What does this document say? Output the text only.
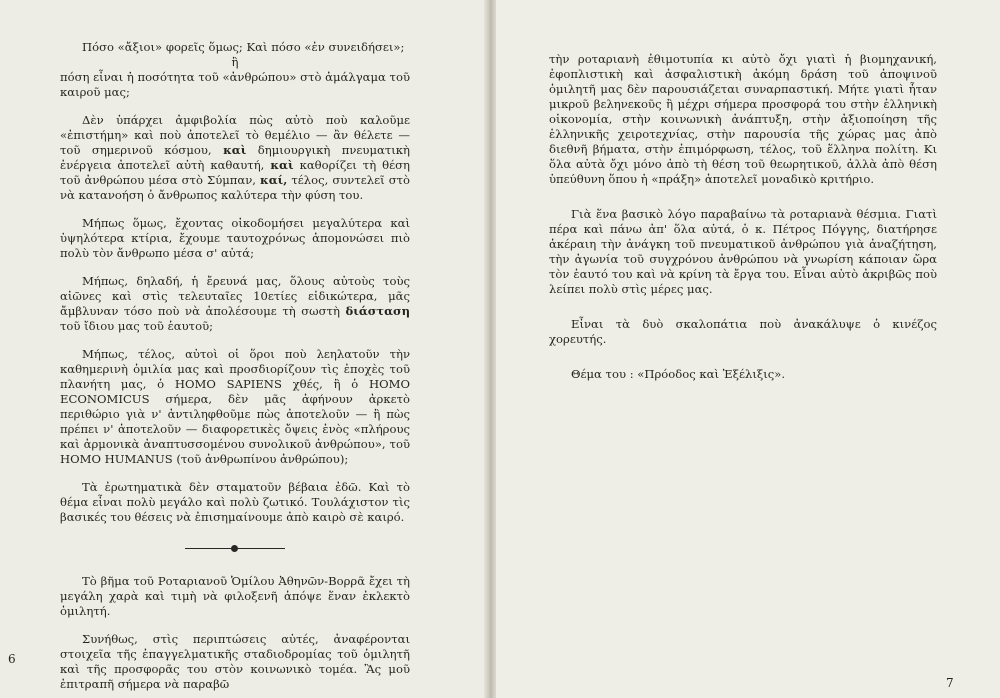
Πόσο «ἄξιοι» φορεῖς ὅμως; Καὶ πόσο «ἐν συνειδήσει»;

ἢ

πόση εἶναι ἡ ποσότητα τοῦ «ἀνθρώπου» στὸ ἀμάλγαμα τοῦ καιροῦ μας;

Δὲν ὑπάρχει ἀμφιβολία πὼς αὐτὸ ποὺ καλοῦμε «ἐπιστήμη» καὶ ποὺ ἀποτελεῖ τὸ θεμέλιο — ἂν θέλετε — τοῦ σημερινοῦ κόσμου, καὶ δημιουργικὴ πνευματικὴ ἐνέργεια ἀποτελεῖ αὐτὴ καθαυτή, καὶ καθορίζει τὴ θέση τοῦ ἀνθρώπου μέσα στὸ Σύμπαν, καί, τέλος, συντελεῖ στὸ νὰ κατανοήση ὁ ἄνθρωπος καλύτερα τὴν φύση του.

Μήπως ὅμως, ἔχοντας οἰκοδομήσει μεγαλύτερα καὶ ὑψηλότερα κτίρια, ἔχουμε ταυτοχρόνως ἀπομονώσει πιὸ πολὺ τὸν ἄνθρωπο μέσα σ' αὐτά;

Μήπως, δηλαδή, ἡ ἔρευνά μας, ὅλους αὐτοὺς τοὺς αἰῶνες καὶ στὶς τελευταῖες 10ετίες εἰδικώτερα, μᾶς ἄμβλυναν τόσο ποὺ νὰ ἀπολέσουμε τὴ σωστὴ διάσταση τοῦ ἴδιου μας τοῦ ἑαυτοῦ;

Μήπως, τέλος, αὐτοὶ οἱ ὅροι ποὺ λεηλατοῦν τὴν καθημερινὴ ὁμιλία μας καὶ προσδιορίζουν τὶς ἐποχὲς τοῦ πλανήτη μας, ὁ HOMO SAPIENS χθές, ἢ ὁ HOMO ECONOMICUS σήμερα, δὲν μᾶς ἀφήνουν ἀρκετὸ περιθώριο γιὰ ν' ἀντιληφθοῦμε πὼς ἀποτελοῦν — ἢ πὼς πρέπει ν' ἀποτελοῦν — διαφορετικὲς ὄψεις ἑνὸς «πλήρους καὶ ἁρμονικὰ ἀναπτυσσομένου συνολικοῦ ἀνθρώπου», τοῦ HOMO HUMANUS (τοῦ ἀνθρωπίνου ἀνθρώπου);

Τὰ ἐρωτηματικὰ δὲν σταματοῦν βέβαια ἐδῶ. Καὶ τὸ θέμα εἶναι πολὺ μεγάλο καὶ πολὺ ζωτικό. Τουλάχιστον τὶς βασικές του θέσεις νὰ ἐπισημαίνουμε ἀπὸ καιρὸ σὲ καιρό.

Τὸ βῆμα τοῦ Ροταριανοῦ Ὁμίλου Ἀθηνῶν-Βορρᾶ ἔχει τὴ μεγάλη χαρὰ καὶ τιμὴ νὰ φιλοξενῆ ἀπόψε ἕναν ἐκλεκτὸ ὁμιλητή.

Συνήθως, στὶς περιπτώσεις αὐτές, ἀναφέρονται στοιχεῖα τῆς ἐπαγγελματικῆς σταδιοδρομίας τοῦ ὁμιλητῆ καὶ τῆς προσφορᾶς του στὸν κοινωνικὸ τομέα. Ἂς μοῦ ἐπιτραπῆ σήμερα νὰ παραβῶ

6

τὴν ροταριανὴ ἐθιμοτυπία κι αὐτὸ ὄχι γιατὶ ἡ βιομηχανική, ἐφοπλιστικὴ καὶ ἀσφαλιστικὴ ἀκόμη δράση τοῦ ἀποψινοῦ ὁμιλητῆ μας δὲν παρουσιάζεται συναρπαστική. Μήτε γιατὶ ἦταν μικροῦ βεληνεκοῦς ἢ μέχρι σήμερα προσφορά του στὴν ἑλληνικὴ οἰκονομία, στὴν κοινωνικὴ ἀνάπτυξη, στὴν ἀξιοποίηση τῆς ἑλληνικῆς χειροτεχνίας, στὴν παρουσία τῆς χώρας μας ἀπὸ διεθνῆ βήματα, στὴν ἐπιμόρφωση, τέλος, τοῦ ἕλληνα πολίτη. Κι ὅλα αὐτὰ ὄχι μόνο ἀπὸ τὴ θέση τοῦ θεωρητικοῦ, ἀλλὰ ἀπὸ θέση ὑπεύθυνη ὅπου ἡ «πράξη» ἀποτελεῖ μοναδικὸ κριτήριο.

Γιὰ ἕνα βασικὸ λόγο παραβαίνω τὰ ροταριανὰ θέσμια. Γιατὶ πέρα καὶ πάνω ἀπ' ὅλα αὐτά, ὁ κ. Πέτρος Πόγγης, διατήρησε ἀκέραιη τὴν ἀνάγκη τοῦ πνευματικοῦ ἀνθρώπου γιὰ ἀναζήτηση, τὴν ἀγωνία τοῦ συγχρόνου ἀνθρώπου νὰ γνωρίση κάποιαν ὥρα τὸν ἑαυτό του καὶ νὰ κρίνη τὰ ἔργα του. Εἶναι αὐτὸ ἀκριβῶς ποὺ λείπει πολὺ στὶς μέρες μας.

Εἶναι τὰ δυὸ σκαλοπάτια ποὺ ἀνακάλυψε ὁ κινέζος χορευτής.

Θέμα του : «Πρόοδος καὶ Ἐξέλιξις».

7
